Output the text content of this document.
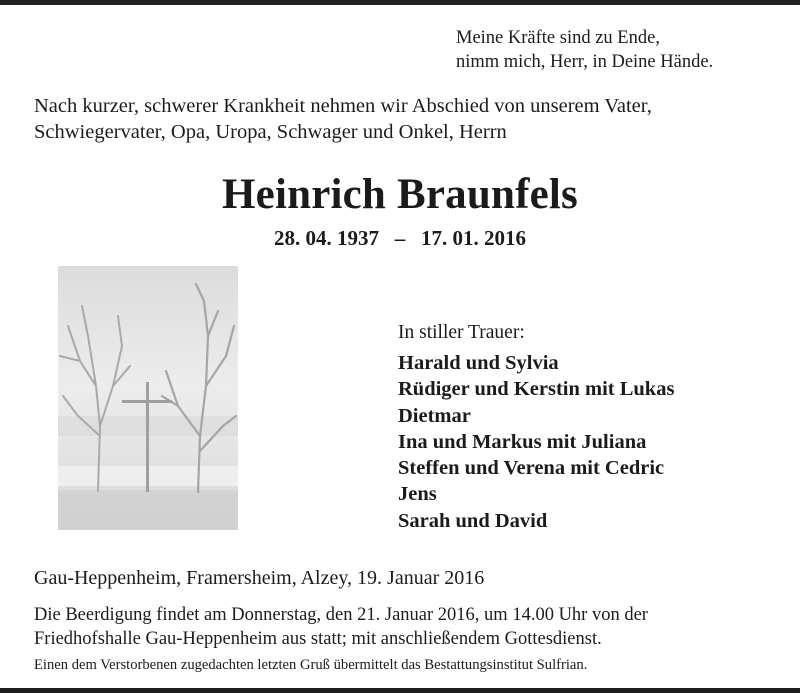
Meine Kräfte sind zu Ende,
nimm mich, Herr, in Deine Hände.
Nach kurzer, schwerer Krankheit nehmen wir Abschied von unserem Vater,
Schwiegervater, Opa, Uropa, Schwager und Onkel, Herrn
Heinrich Braunfels
28. 04. 1937   –   17. 01. 2016
In stiller Trauer:
Harald und Sylvia
Rüdiger und Kerstin mit Lukas
Dietmar
Ina und Markus mit Juliana
Steffen und Verena mit Cedric
Jens
Sarah und David
Gau-Heppenheim, Framersheim, Alzey, 19. Januar 2016
Die Beerdigung findet am Donnerstag, den 21. Januar 2016, um 14.00 Uhr von der
Friedhofshalle Gau-Heppenheim aus statt; mit anschließendem Gottesdienst.
Einen dem Verstorbenen zugedachten letzten Gruß übermittelt das Bestattungsinstitut Sulfrian.
